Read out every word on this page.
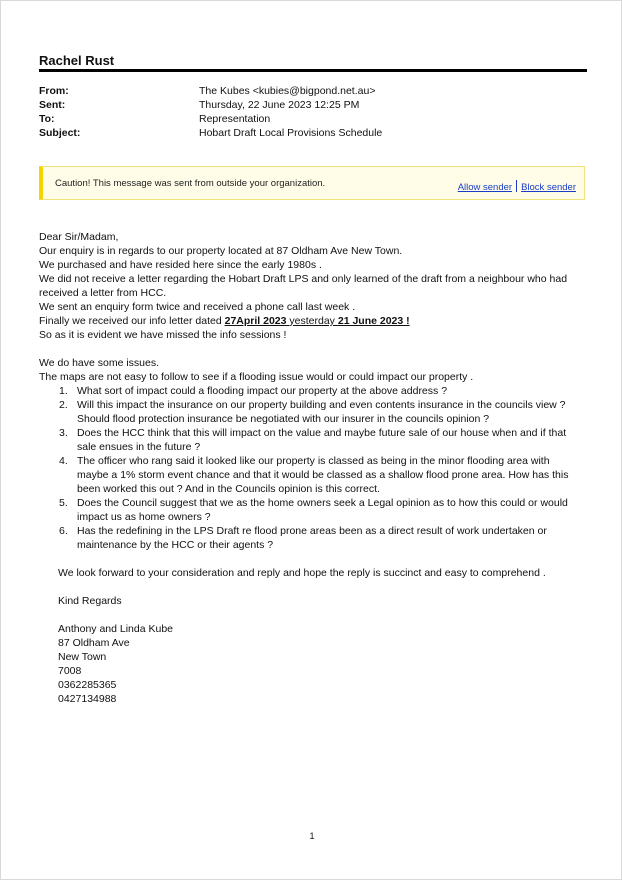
Rachel Rust
From:	The Kubes <kubies@bigpond.net.au>
Sent:	Thursday, 22 June 2023 12:25 PM
To:	Representation
Subject:	Hobart Draft Local Provisions Schedule
Caution! This message was sent from outside your organization.	Allow sender Block sender
Dear Sir/Madam,
Our enquiry is in regards to our property located at 87 Oldham Ave New Town.
We purchased and have resided here since the early 1980s .
We did not receive a letter regarding the Hobart Draft LPS and only learned of the draft from a neighbour who had
received a letter from HCC.
We sent an enquiry form twice and received a phone call last week .
Finally we received our info letter dated 27April 2023 yesterday 21 June 2023 !
So as it is evident we have missed the info sessions !
We do have some issues.
The maps are not easy to follow to see if a flooding issue would or could impact our property .
1. What sort of impact could a flooding impact our property at the above address ?
2. Will this impact the insurance on our property building and even contents insurance in the councils view ?
Should flood protection insurance be negotiated with our insurer in the councils opinion ?
3. Does the HCC think that this will impact on the value and maybe future sale of our house when and if that
sale ensues in the future ?
4. The officer who rang said it looked like our property is classed as being in the minor flooding area with
maybe a 1% storm event chance and that it would be classed as a shallow flood prone area. How has this
been worked this out ? And in the Councils opinion is this correct.
5. Does the Council suggest that we as the home owners seek a Legal opinion as to how this could or would
impact us as home owners ?
6. Has the redefining in the LPS Draft re flood prone areas been as a direct result of work undertaken or
maintenance by the HCC or their agents ?
We look forward to your consideration and reply and hope the reply is succinct and easy to comprehend .
Kind Regards
Anthony and Linda Kube
87 Oldham Ave
New Town
7008
0362285365
0427134988
1
